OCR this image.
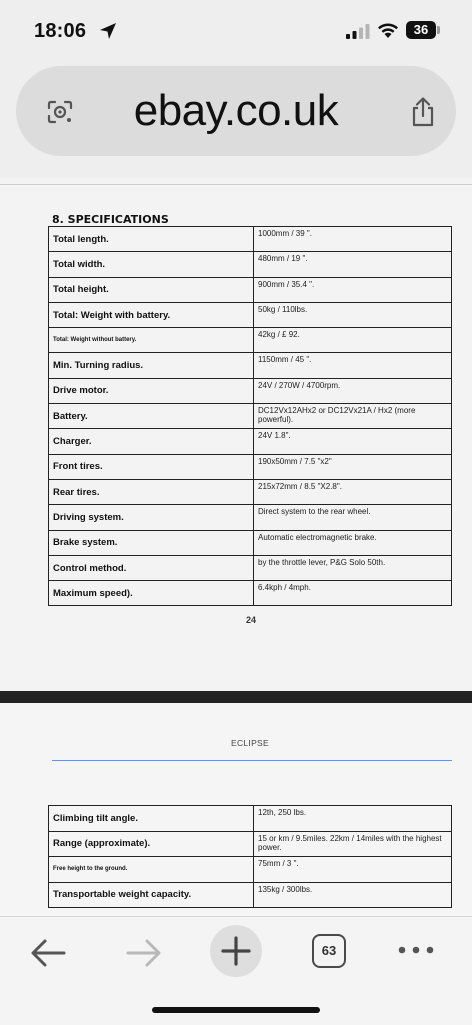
18:06	36
ebay.co.uk
8. SPECIFICATIONS
Total length.	1000mm / 39 ".
Total width.	480mm / 19 ".
Total height.	900mm / 35.4 ".
Total: Weight with battery.	50kg / 110lbs.
Total: Weight without battery.	42kg / £ 92.
Min. Turning radius.	1150mm / 45 ".
Drive motor.	24V / 270W / 4700rpm.
Battery.	DC12Vx12AHx2 or DC12Vx21A / Hx2 (more powerful).
Charger.	24V 1.8".
Front tires.	190x50mm / 7.5 "x2"
Rear tires.	215x72mm / 8.5 "X2.8".
Driving system.	Direct system to the rear wheel.
Brake system.	Automatic electromagnetic brake.
Control method.	by the throttle lever, P&G Solo 50th.
Maximum speed).	6.4kph / 4mph.
24
ECLIPSE
Climbing tilt angle.	12th, 250 lbs.
Range (approximate).	15 or km / 9.5miles. 22km / 14miles with the highest power.
Free height to the ground.	75mm / 3 ".
Transportable weight capacity.	135kg / 300lbs.
63
